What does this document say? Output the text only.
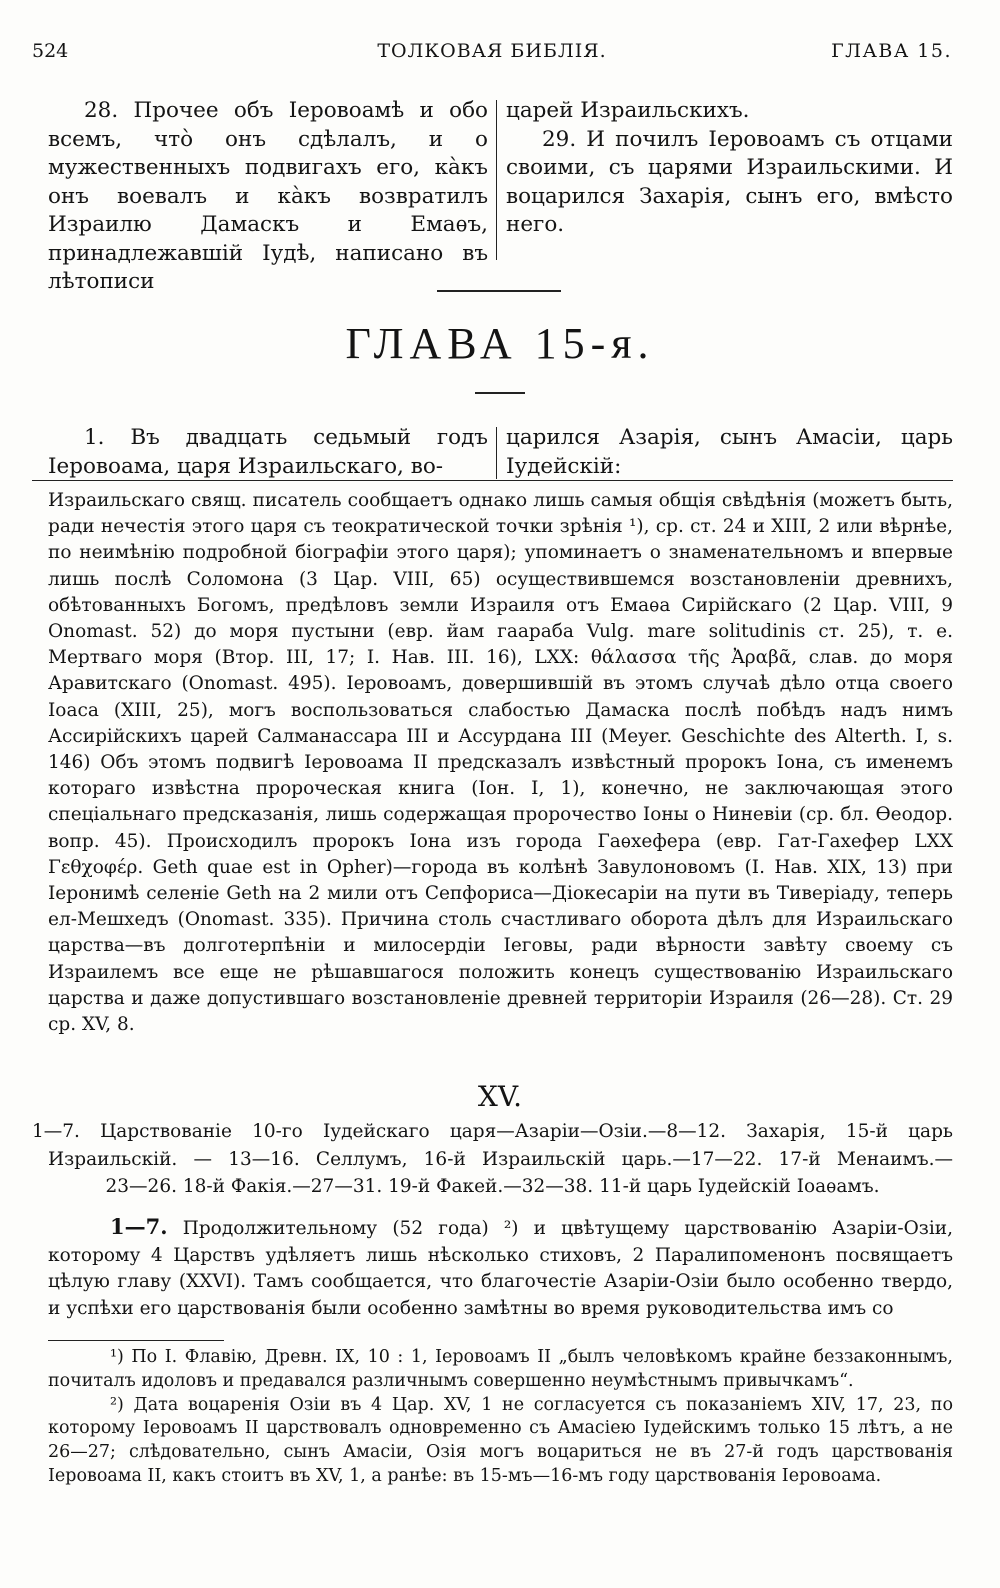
524	ТОЛКОВАЯ БИБЛІЯ.	ГЛАВА 15.

28. Прочее объ Іеровоамѣ и обо всемъ, что̀ онъ сдѣлалъ, и о мужественныхъ подвигахъ его, ка̀къ онъ воевалъ и ка̀къ возвратилъ Израилю Дамаскъ и Емаѳъ, принадлежавшій Іудѣ, написано въ лѣтописи

царей Израильскихъ.

29. И почилъ Іеровоамъ съ отцами своими, съ царями Израильскими. И воцарился Захарія, сынъ его, вмѣсто него.

ГЛАВА 15-я.

1. Въ двадцать седьмый годъ Іеровоама, царя Израильскаго, во-

царился Азарія, сынъ Амасіи, царь Іудейскій:

Израильскаго свящ. писатель сообщаетъ однако лишь самыя общія свѣдѣнія (можетъ быть, ради нечестія этого царя съ теократической точки зрѣнія ¹), ср. ст. 24 и XIII, 2 или вѣрнѣе, по неимѣнію подробной біографіи этого царя); упоминаетъ о знаменательномъ и впервые лишь послѣ Соломона (3 Цар. VIII, 65) осуществившемся возстановленіи древнихъ, обѣтованныхъ Богомъ, предѣловъ земли Израиля отъ Емаѳа Сирійскаго (2 Цар. VIII, 9 Onomast. 52) до моря пустыни (евр. йам гаараба Vulg. mare solitudinis ст. 25), т. е. Мертваго моря (Втор. III, 17; І. Нав. III. 16), LXX: θάλασσα τῆς Ἀραβᾶ, слав. до моря Аравитскаго (Onomast. 495). Іеровоамъ, довершившій въ этомъ случаѣ дѣло отца своего Іоаса (XIII, 25), могъ воспользоваться слабостью Дамаска послѣ побѣдъ надъ нимъ Ассирійскихъ царей Салманассара III и Ассурдана III (Meyer. Geschichte des Alterth. I, s. 146) Объ этомъ подвигѣ Іеровоама II предсказалъ извѣстный пророкъ Іона, съ именемъ котораго извѣстна пророческая книга (Іон. I, 1), конечно, не заключающая этого спеціальнаго предсказанія, лишь содержащая пророчество Іоны о Ниневіи (ср. бл. Ѳеодор. вопр. 45). Происходилъ пророкъ Іона изъ города Гаѳхефера (евр. Гат-Гахефер LXX Γεθχοφέρ. Geth quae est in Opher)—города въ колѣнѣ Завулоновомъ (І. Нав. XIX, 13) при Іеронимѣ селеніе Geth на 2 мили отъ Сепфориса—Діокесаріи на пути въ Тиверіаду, теперь ел-Мешхедъ (Onomast. 335). Причина столь счастливаго оборота дѣлъ для Израильскаго царства—въ долготерпѣніи и милосердіи Іеговы, ради вѣрности завѣту своему съ Израилемъ все еще не рѣшавшагося положить конецъ существованію Израильскаго царства и даже допустившаго возстановленіе древней территоріи Израиля (26—28). Ст. 29 ср. XV, 8.

XV.

1—7. Царствованіе 10-го Іудейскаго царя—Азаріи—Озіи.—8—12. Захарія, 15-й царь

Израильскій. — 13—16. Селлумъ, 16-й Израильскій царь.—17—22. 17-й Менаимъ.—

23—26. 18-й Факія.—27—31. 19-й Факей.—32—38. 11-й царь Іудейскій Іоаѳамъ.

1—7. Продолжительному (52 года) ²) и цвѣтущему царствованію Азаріи-Озіи, которому 4 Царствъ удѣляетъ лишь нѣсколько стиховъ, 2 Паралипоменонъ посвящаетъ цѣлую главу (XXVI). Тамъ сообщается, что благочестіе Азаріи-Озіи было особенно твердо, и успѣхи его царствованія были особенно замѣтны во время руководительства имъ со

¹) По І. Флавію, Древн. IX, 10 : 1, Іеровоамъ II „былъ человѣкомъ крайне беззаконнымъ, почиталъ идоловъ и предавался различнымъ совершенно неумѣстнымъ привычкамъ“.

²) Дата воцаренія Озіи въ 4 Цар. XV, 1 не согласуется съ показаніемъ XIV, 17, 23, по которому Іеровоамъ II царствовалъ одновременно съ Амасіею Іудейскимъ только 15 лѣтъ, а не 26—27; слѣдовательно, сынъ Амасіи, Озія могъ воцариться не въ 27-й годъ царствованія Іеровоама II, какъ стоитъ въ XV, 1, а ранѣе: въ 15-мъ—16-мъ году царствованія Іеровоама.
